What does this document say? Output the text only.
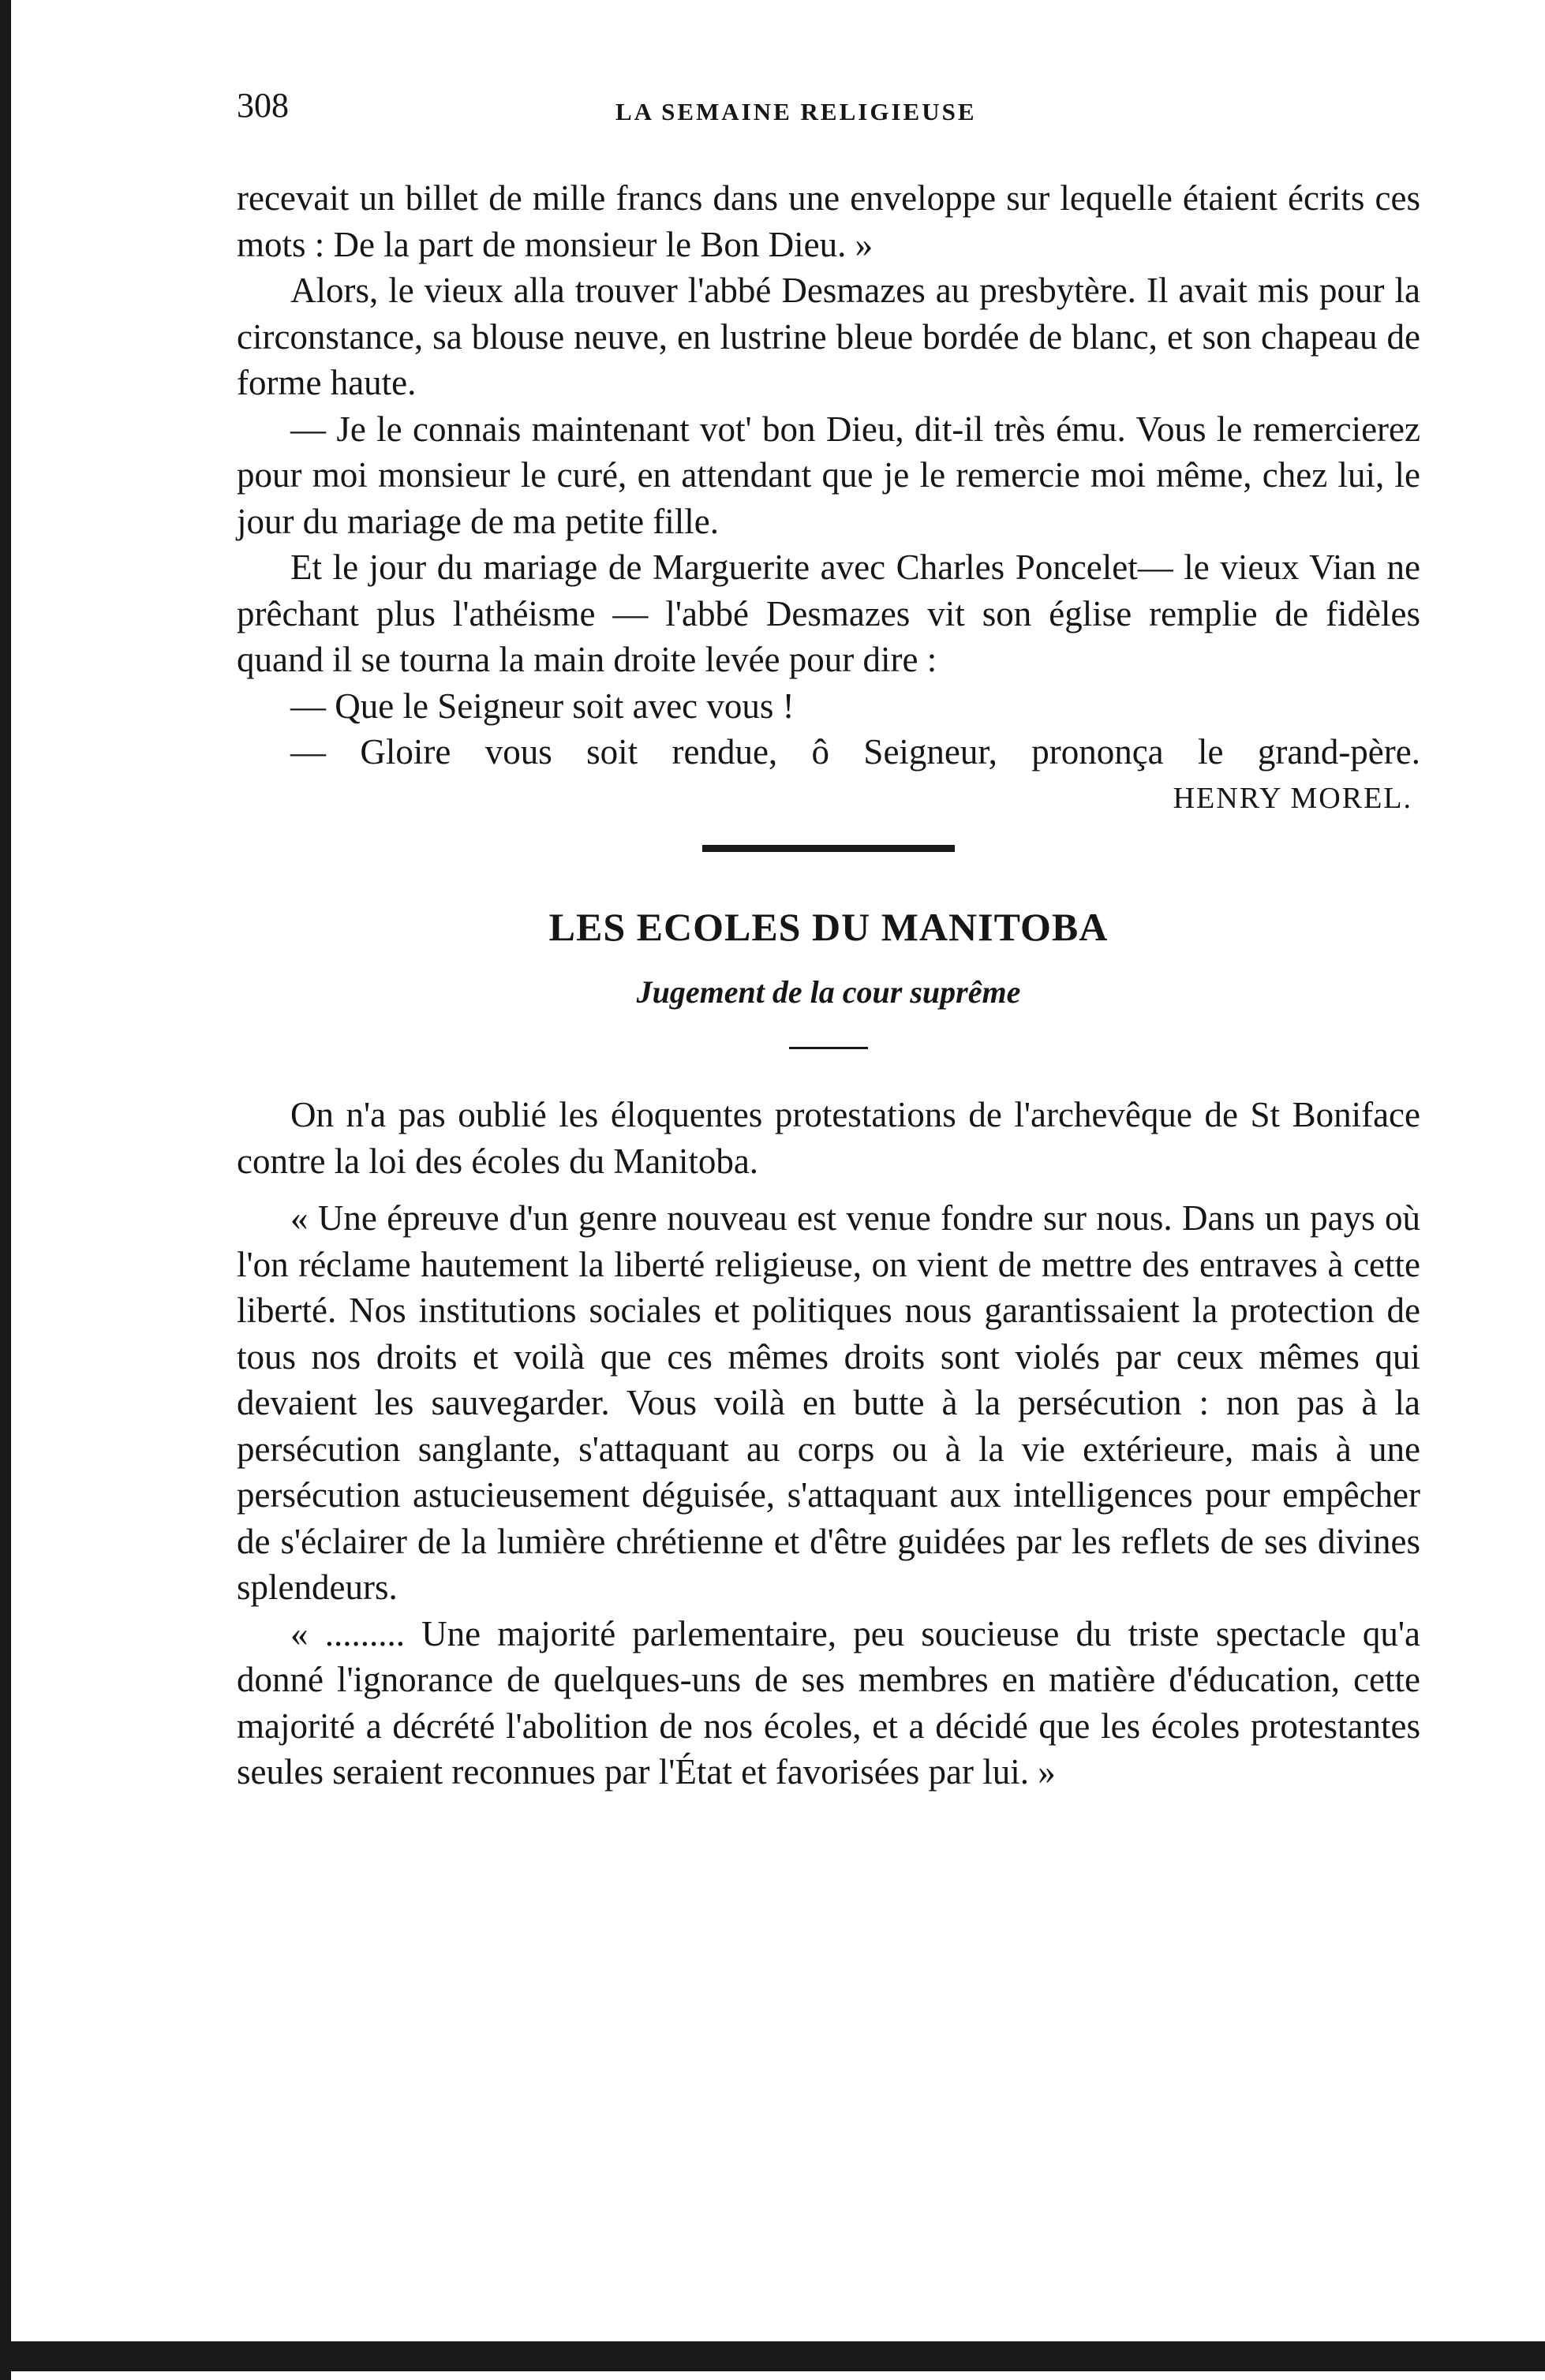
308	LA SEMAINE RELIGIEUSE

recevait un billet de mille francs dans une enveloppe sur lequelle étaient écrits ces mots : De la part de monsieur le Bon Dieu. »

Alors, le vieux alla trouver l'abbé Desmazes au presbytère. Il avait mis pour la circonstance, sa blouse neuve, en lustrine bleue bordée de blanc, et son chapeau de forme haute.

— Je le connais maintenant vot' bon Dieu, dit-il très ému. Vous le remercierez pour moi monsieur le curé, en attendant que je le remercie moi même, chez lui, le jour du mariage de ma petite fille.

Et le jour du mariage de Marguerite avec Charles Poncelet— le vieux Vian ne prêchant plus l'athéisme — l'abbé Desmazes vit son église remplie de fidèles quand il se tourna la main droite levée pour dire :

— Que le Seigneur soit avec vous !

— Gloire vous soit rendue, ô Seigneur, prononça le grand-père.

HENRY MOREL.

LES ECOLES DU MANITOBA
Jugement de la cour suprême

On n'a pas oublié les éloquentes protestations de l'archevêque de St Boniface contre la loi des écoles du Manitoba.

« Une épreuve d'un genre nouveau est venue fondre sur nous. Dans un pays où l'on réclame hautement la liberté religieuse, on vient de mettre des entraves à cette liberté. Nos institutions sociales et politiques nous garantissaient la protection de tous nos droits et voilà que ces mêmes droits sont violés par ceux mêmes qui devaient les sauvegarder. Vous voilà en butte à la persécution : non pas à la persécution sanglante, s'attaquant au corps ou à la vie extérieure, mais à une persécution astucieusement déguisée, s'attaquant aux intelligences pour empêcher de s'éclairer de la lumière chrétienne et d'être guidées par les reflets de ses divines splendeurs.

« ......... Une majorité parlementaire, peu soucieuse du triste spectacle qu'a donné l'ignorance de quelques-uns de ses membres en matière d'éducation, cette majorité a décrété l'abolition de nos écoles, et a décidé que les écoles protestantes seules seraient reconnues par l'État et favorisées par lui. »
